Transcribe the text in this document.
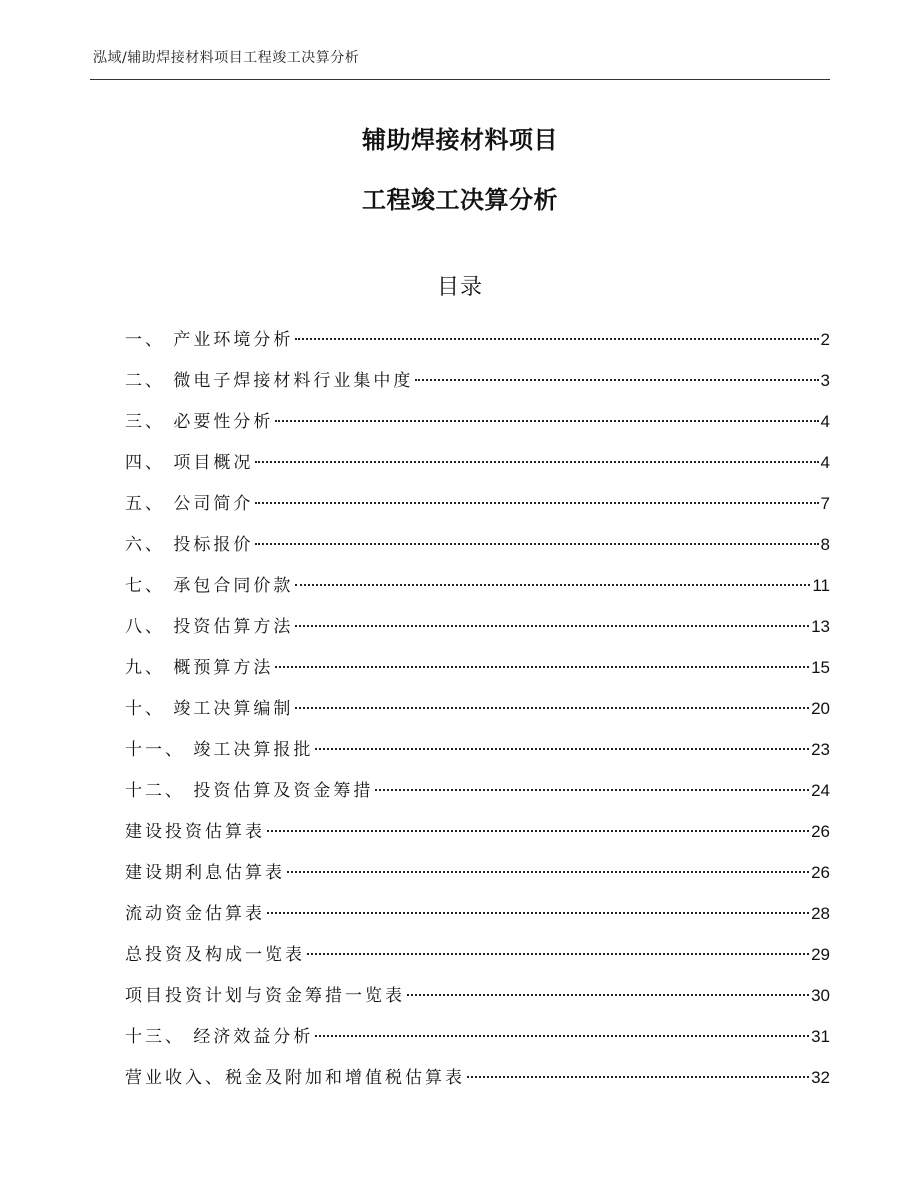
泓域/辅助焊接材料项目工程竣工决算分析
辅助焊接材料项目
工程竣工决算分析
目录
一、 产业环境分析	2
二、 微电子焊接材料行业集中度	3
三、 必要性分析	4
四、 项目概况	4
五、 公司简介	7
六、 投标报价	8
七、 承包合同价款	11
八、 投资估算方法	13
九、 概预算方法	15
十、 竣工决算编制	20
十一、 竣工决算报批	23
十二、 投资估算及资金筹措	24
建设投资估算表	26
建设期利息估算表	26
流动资金估算表	28
总投资及构成一览表	29
项目投资计划与资金筹措一览表	30
十三、 经济效益分析	31
营业收入、税金及附加和增值税估算表	32
